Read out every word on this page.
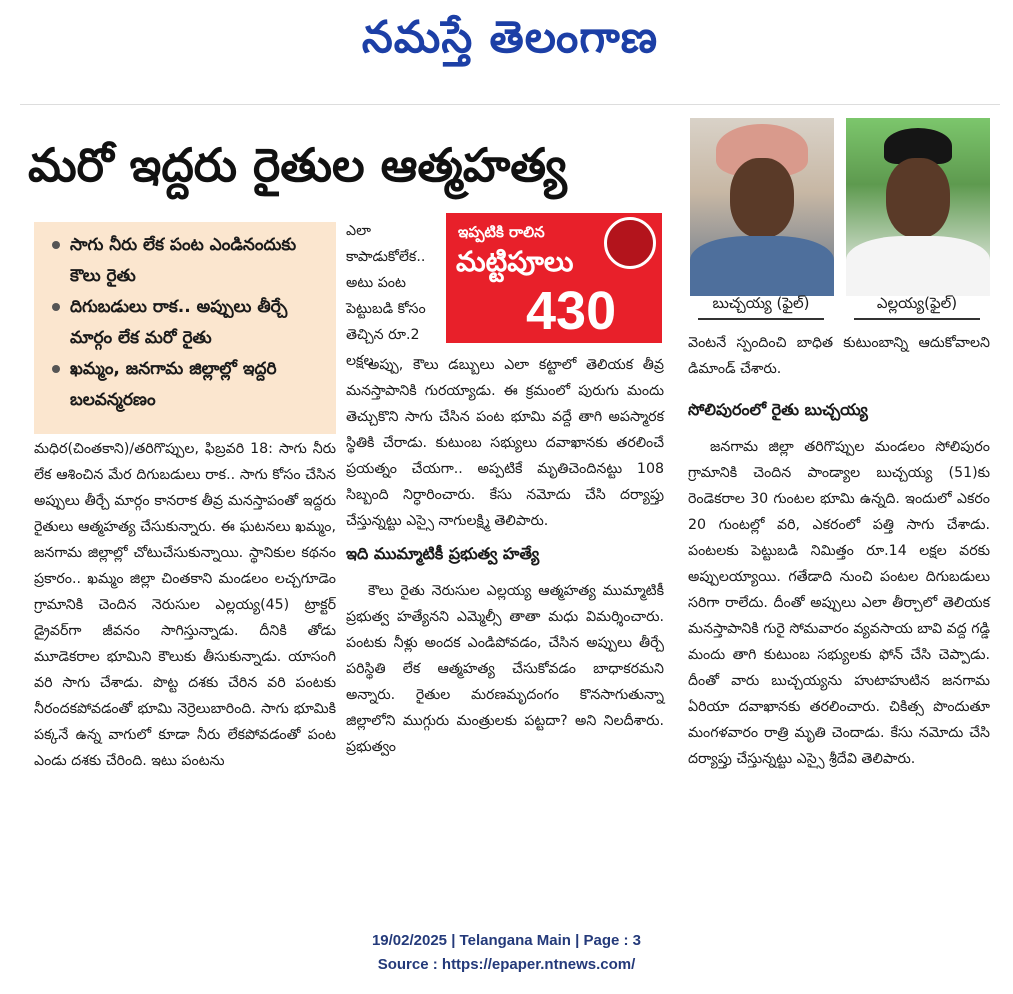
నమస్తే తెలంగాణ
మరో ఇద్దరు రైతుల ఆత్మహత్య
సాగు నీరు లేక పంట ఎండినందుకు కౌలు రైతు
దిగుబడులు రాక.. అప్పులు తీర్చే మార్గం లేక మరో రైతు
ఖమ్మం, జనగామ జిల్లాల్లో ఇద్దరి బలవన్మరణం

మధిర(చింతకాని)/తరిగొప్పుల, ఫిబ్రవరి 18: సాగు నీరు లేక ఆశించిన మేర దిగుబడులు రాక.. సాగు కోసం చేసిన అప్పులు తీర్చే మార్గం కానరాక తీవ్ర మనస్తాపంతో ఇద్దరు రైతులు ఆత్మహత్య చేసుకున్నారు. ఈ ఘటనలు ఖమ్మం, జనగామ జిల్లాల్లో చోటుచేసుకున్నాయి. స్థానికుల కథనం ప్రకారం.. ఖమ్మం జిల్లా చింతకాని మండలం లచ్చగూడెం గ్రామానికి చెందిన నెరుసుల ఎల్లయ్య(45) ట్రాక్టర్ డ్రైవర్‌గా జీవనం సాగిస్తున్నాడు. దీనికి తోడు మూడెకరాల భూమిని కౌలుకు తీసుకున్నాడు. యాసంగి వరి సాగు చేశాడు. పొట్ట దశకు చేరిన వరి పంటకు నీరందకపోవడంతో భూమి నెర్రెలుబారింది. సాగు భూమికి పక్కనే ఉన్న వాగులో కూడా నీరు లేకపోవడంతో పంట ఎండు దశకు చేరింది. ఇటు పంటను

ఎలా కాపాడుకోలేక.. అటు పంట పెట్టుబడి కోసం తెచ్చిన రూ.2 లక్షల

ఇప్పటికి రాలిన
మట్టిపూలు
430

అప్పు, కౌలు డబ్బులు ఎలా కట్టాలో తెలియక తీవ్ర మనస్తాపానికి గురయ్యాడు. ఈ క్రమంలో పురుగు మందు తెచ్చుకొని సాగు చేసిన పంట భూమి వద్దే తాగి అపస్మారక స్థితికి చేరాడు. కుటుంబ సభ్యులు దవాఖానకు తరలించే ప్రయత్నం చేయగా.. అప్పటికే మృతిచెందినట్టు 108 సిబ్బంది నిర్ధారించారు. కేసు నమోదు చేసి దర్యాప్తు చేస్తున్నట్టు ఎస్సై నాగులక్ష్మి తెలిపారు.

ఇది ముమ్మాటికీ ప్రభుత్వ హత్యే

కౌలు రైతు నెరుసుల ఎల్లయ్య ఆత్మహత్య ముమ్మాటికీ ప్రభుత్వ హత్యేనని ఎమ్మెల్సీ తాతా మధు విమర్శించారు. పంటకు నీళ్లు అందక ఎండిపోవడం, చేసిన అప్పులు తీర్చే పరిస్థితి లేక ఆత్మహత్య చేసుకోవడం బాధాకరమని అన్నారు. రైతుల మరణమృదంగం కొనసాగుతున్నా జిల్లాలోని ముగ్గురు మంత్రులకు పట్టదా? అని నిలదీశారు. ప్రభుత్వం

బుచ్చయ్య (ఫైల్)	ఎల్లయ్య(ఫైల్)

వెంటనే స్పందించి బాధిత కుటుంబాన్ని ఆదుకోవాలని డిమాండ్ చేశారు.

సోలిపురంలో రైతు బుచ్చయ్య

జనగామ జిల్లా తరిగొప్పుల మండలం సోలిపురం గ్రామానికి చెందిన పాండ్యాల బుచ్చయ్య (51)కు రెండెకరాల 30 గుంటల భూమి ఉన్నది. ఇందులో ఎకరం 20 గుంటల్లో వరి, ఎకరంలో పత్తి సాగు చేశాడు. పంటలకు పెట్టుబడి నిమిత్తం రూ.14 లక్షల వరకు అప్పులయ్యాయి. గతేడాది నుంచి పంటల దిగుబడులు సరిగా రాలేదు. దీంతో అప్పులు ఎలా తీర్చాలో తెలియక మనస్తాపానికి గురై సోమవారం వ్యవసాయ బావి వద్ద గడ్డి మందు తాగి కుటుంబ సభ్యులకు ఫోన్ చేసి చెప్పాడు. దీంతో వారు బుచ్చయ్యను హుటాహుటిన జనగామ ఏరియా దవాఖానకు తరలించారు. చికిత్స పొందుతూ మంగళవారం రాత్రి మృతి చెందాడు. కేసు నమోదు చేసి దర్యాప్తు చేస్తున్నట్టు ఎస్సై శ్రీదేవి తెలిపారు.

19/02/2025 | Telangana Main | Page : 3
Source : https://epaper.ntnews.com/
